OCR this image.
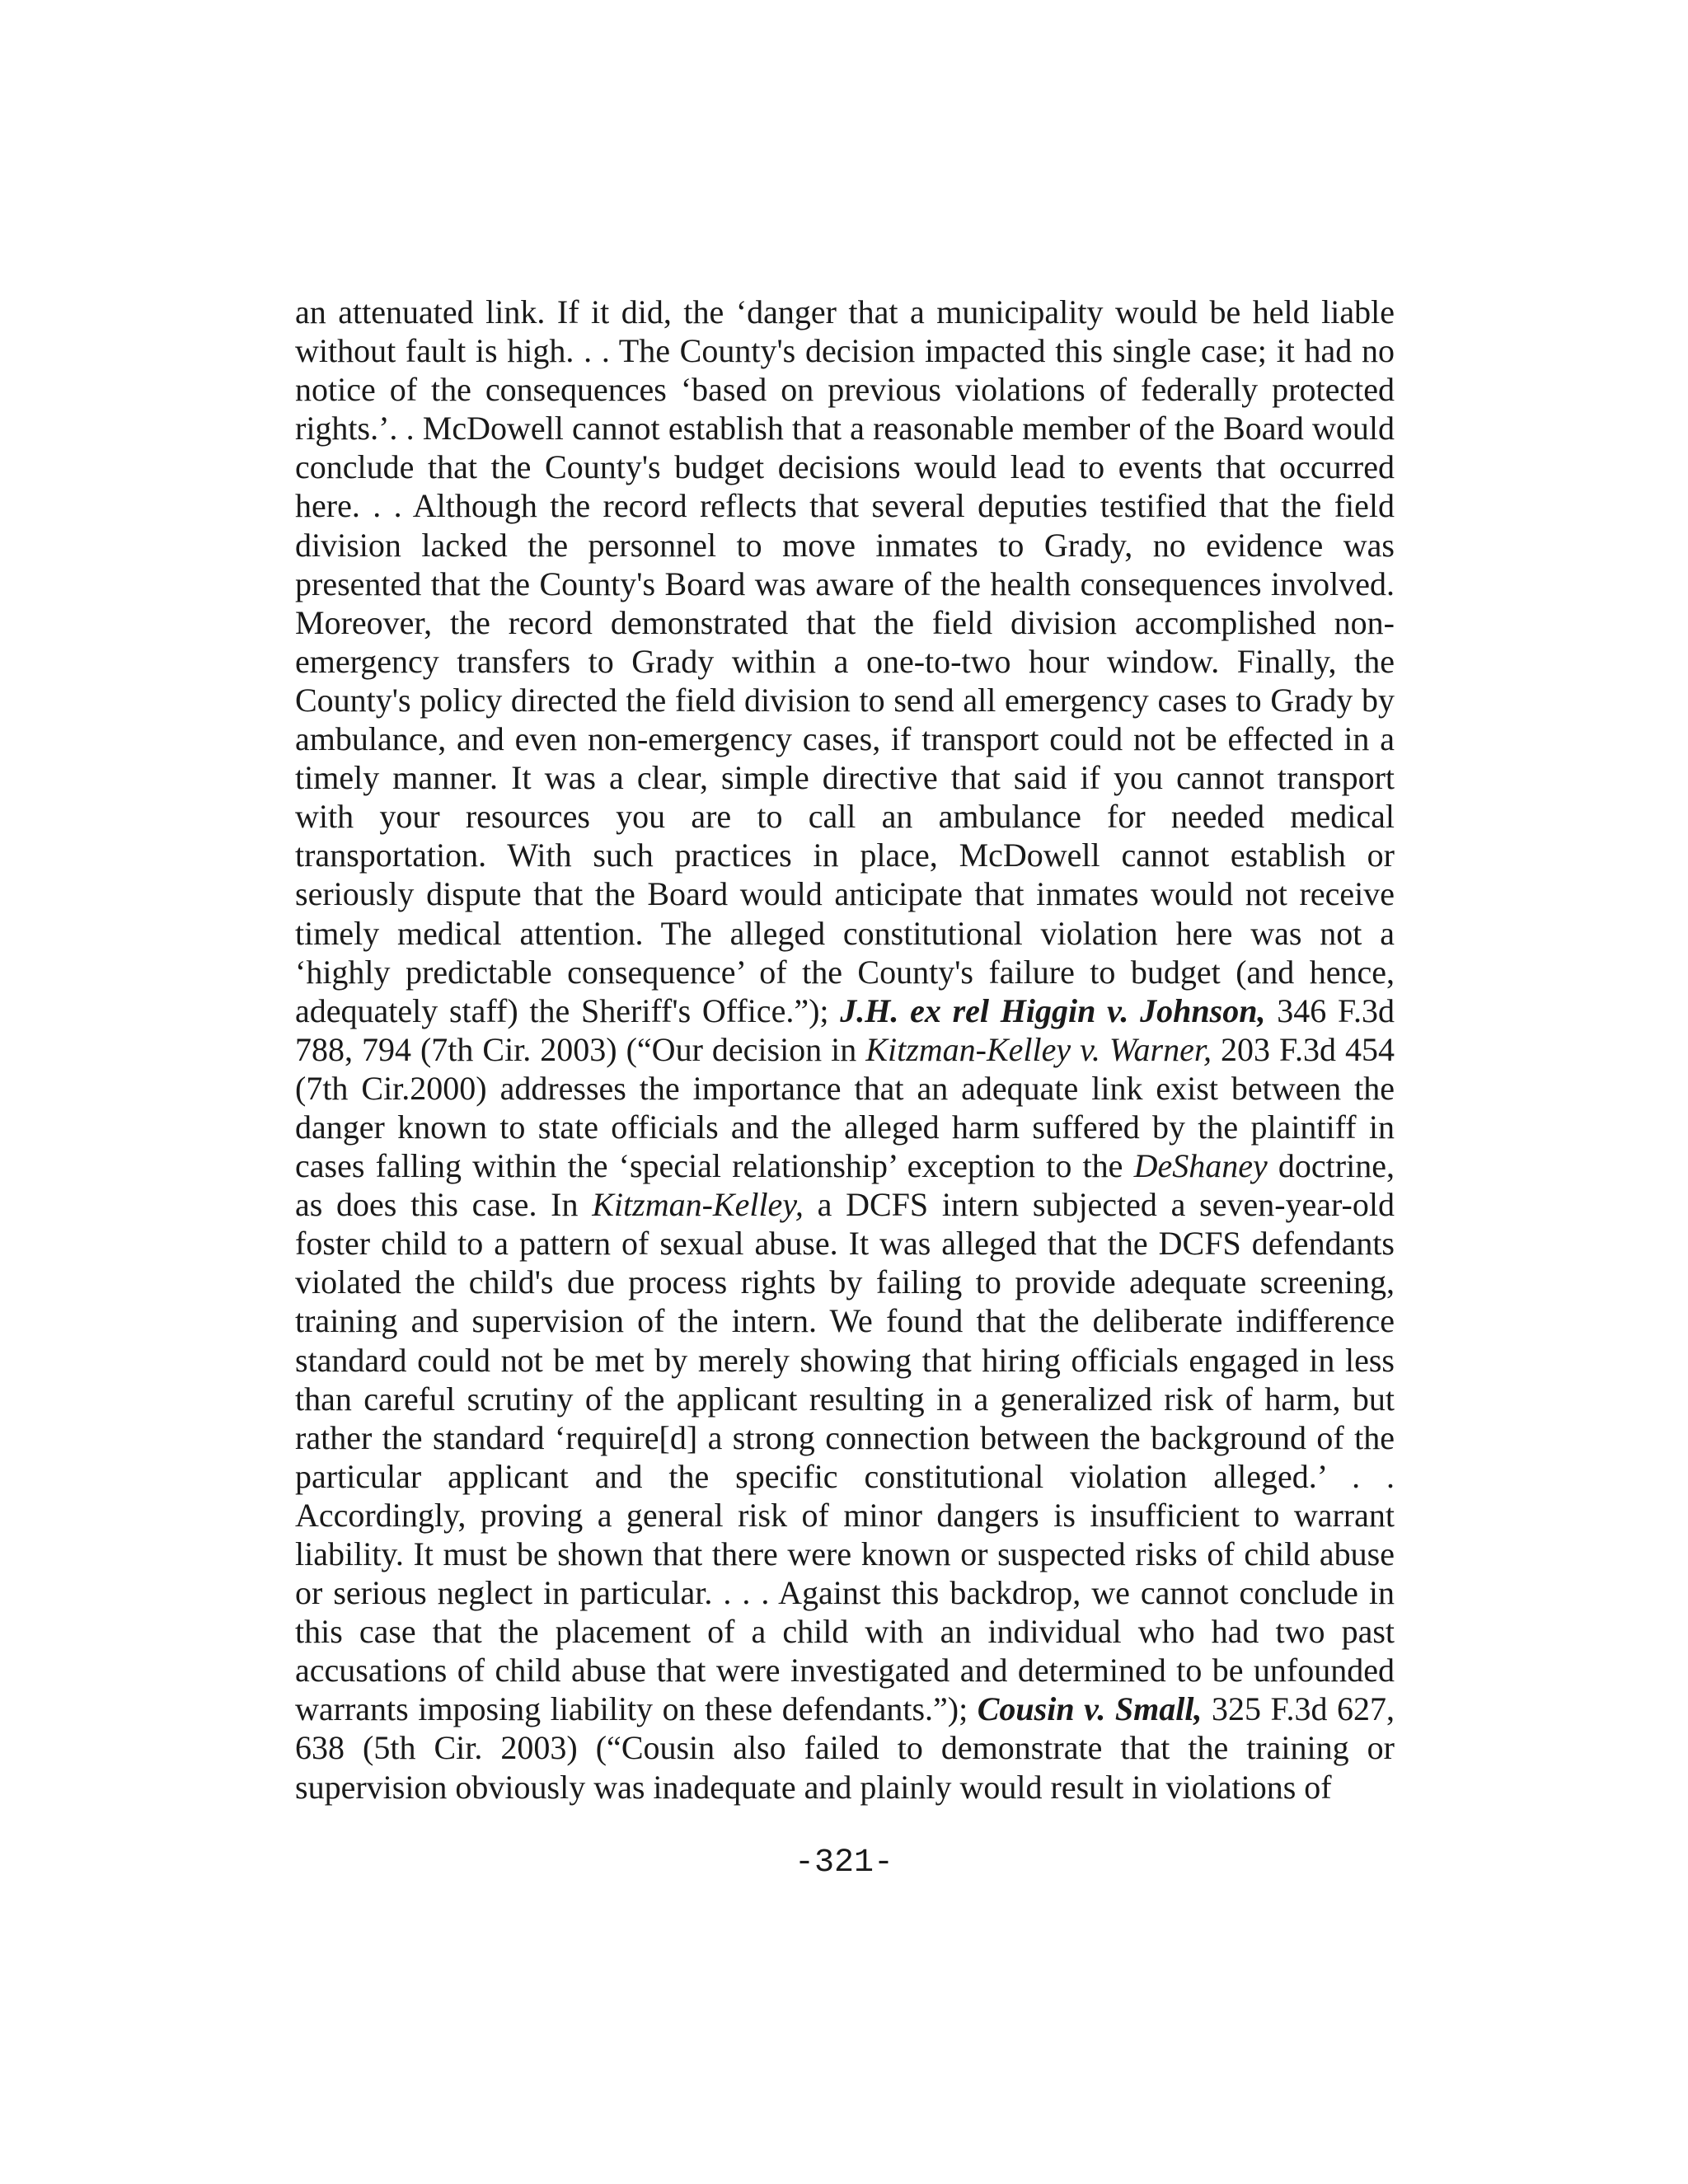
an attenuated link. If it did, the ‘danger that a municipality would be held liable without fault is high. . . The County's decision impacted this single case; it had no notice of the consequences ‘based on previous violations of federally protected rights.’. . McDowell cannot establish that a reasonable member of the Board would conclude that the County's budget decisions would lead to events that occurred here. . . Although the record reflects that several deputies testified that the field division lacked the personnel to move inmates to Grady, no evidence was presented that the County's Board was aware of the health consequences involved. Moreover, the record demonstrated that the field division accomplished non-emergency transfers to Grady within a one-to-two hour window. Finally, the County's policy directed the field division to send all emergency cases to Grady by ambulance, and even non-emergency cases, if transport could not be effected in a timely manner. It was a clear, simple directive that said if you cannot transport with your resources you are to call an ambulance for needed medical transportation. With such practices in place, McDowell cannot establish or seriously dispute that the Board would anticipate that inmates would not receive timely medical attention. The alleged constitutional violation here was not a ‘highly predictable consequence’ of the County's failure to budget (and hence, adequately staff) the Sheriff's Office.”); J.H. ex rel Higgin v. Johnson, 346 F.3d 788, 794 (7th Cir. 2003) (“Our decision in Kitzman-Kelley v. Warner, 203 F.3d 454 (7th Cir.2000) addresses the importance that an adequate link exist between the danger known to state officials and the alleged harm suffered by the plaintiff in cases falling within the ‘special relationship’ exception to the DeShaney doctrine, as does this case. In Kitzman-Kelley, a DCFS intern subjected a seven-year-old foster child to a pattern of sexual abuse. It was alleged that the DCFS defendants violated the child's due process rights by failing to provide adequate screening, training and supervision of the intern. We found that the deliberate indifference standard could not be met by merely showing that hiring officials engaged in less than careful scrutiny of the applicant resulting in a generalized risk of harm, but rather the standard ‘require[d] a strong connection between the background of the particular applicant and the specific constitutional violation alleged.’ . . Accordingly, proving a general risk of minor dangers is insufficient to warrant liability. It must be shown that there were known or suspected risks of child abuse or serious neglect in particular. . . . Against this backdrop, we cannot conclude in this case that the placement of a child with an individual who had two past accusations of child abuse that were investigated and determined to be unfounded warrants imposing liability on these defendants.”); Cousin v. Small, 325 F.3d 627, 638 (5th Cir. 2003) (“Cousin also failed to demonstrate that the training or supervision obviously was inadequate and plainly would result in violations of

-321-
